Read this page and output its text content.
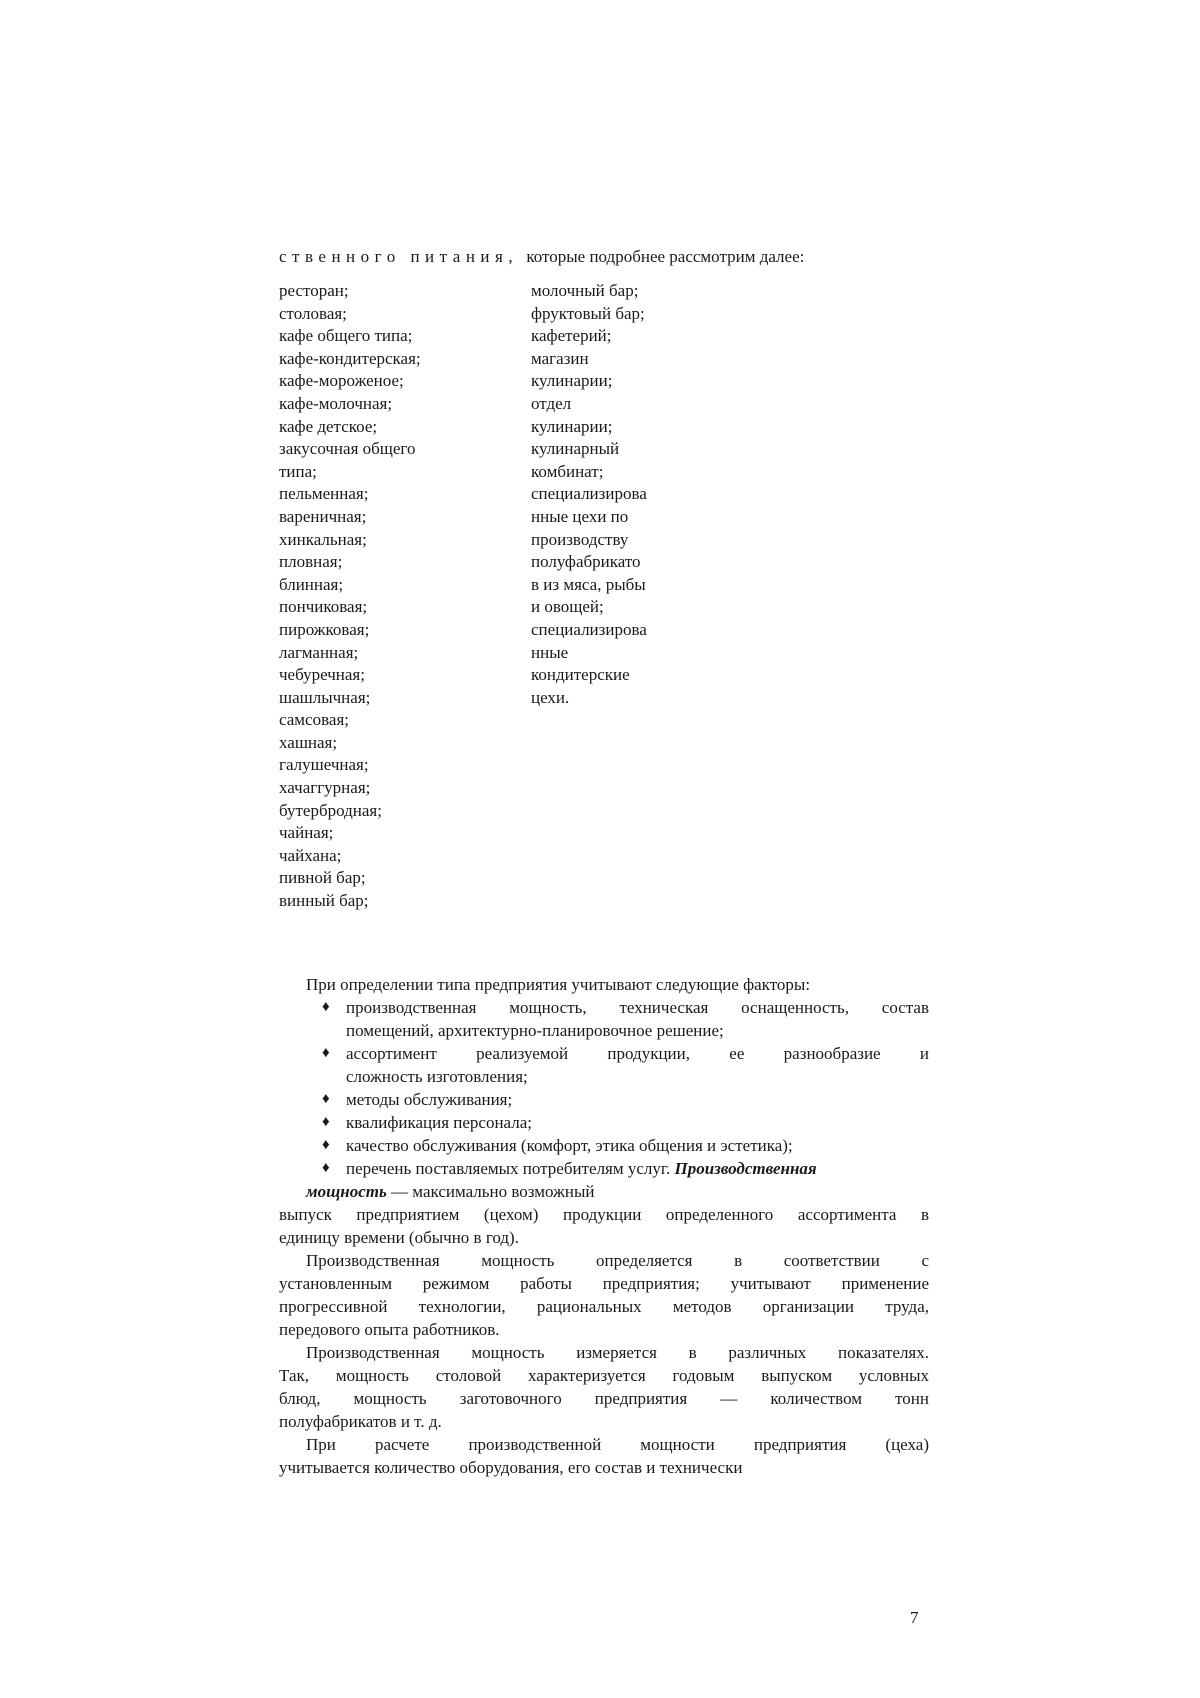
ственного питания, которые подробнее рассмотрим далее:
ресторан;
столовая;
кафе общего типа;
кафе-кондитерская;
кафе-мороженое;
кафе-молочная;
кафе детское;
закусочная общего
типа;
пельменная;
вареничная;
хинкальная;
пловная;
блинная;
пончиковая;
пирожковая;
лагманная;
чебуречная;
шашлычная;
самсовая;
хашная;
галушечная;
хачаггурная;
бутербродная;
чайная;
чайхана;
пивной бар;
винный бар;
молочный бар;
фруктовый бар;
кафетерий;
магазин
кулинарии;
отдел
кулинарии;
кулинарный
комбинат;
специализирова
нные цехи по
производству
полуфабрикато
в из мяса, рыбы
и овощей;
специализирова
нные
кондитерские
цехи.
При определении типа предприятия учитывают следующие факторы:
♦ производственная мощность, техническая оснащенность, состав
помещений, архитектурно-планировочное решение;
♦ ассортимент реализуемой продукции, ее разнообразие и
сложность изготовления;
♦ методы обслуживания;
♦ квалификация персонала;
♦ качество обслуживания (комфорт, этика общения и эстетика);
♦ перечень поставляемых потребителям услуг. Производственная
мощность — максимально возможный
выпуск предприятием (цехом) продукции определенного ассортимента в
единицу времени (обычно в год).
Производственная мощность определяется в соответствии с
установленным режимом работы предприятия; учитывают применение
прогрессивной технологии, рациональных методов организации труда,
передового опыта работников.
Производственная мощность измеряется в различных показателях.
Так, мощность столовой характеризуется годовым выпуском условных
блюд, мощность заготовочного предприятия — количеством тонн
полуфабрикатов и т. д.
При расчете производственной мощности предприятия (цеха)
учитывается количество оборудования, его состав и технически
7
